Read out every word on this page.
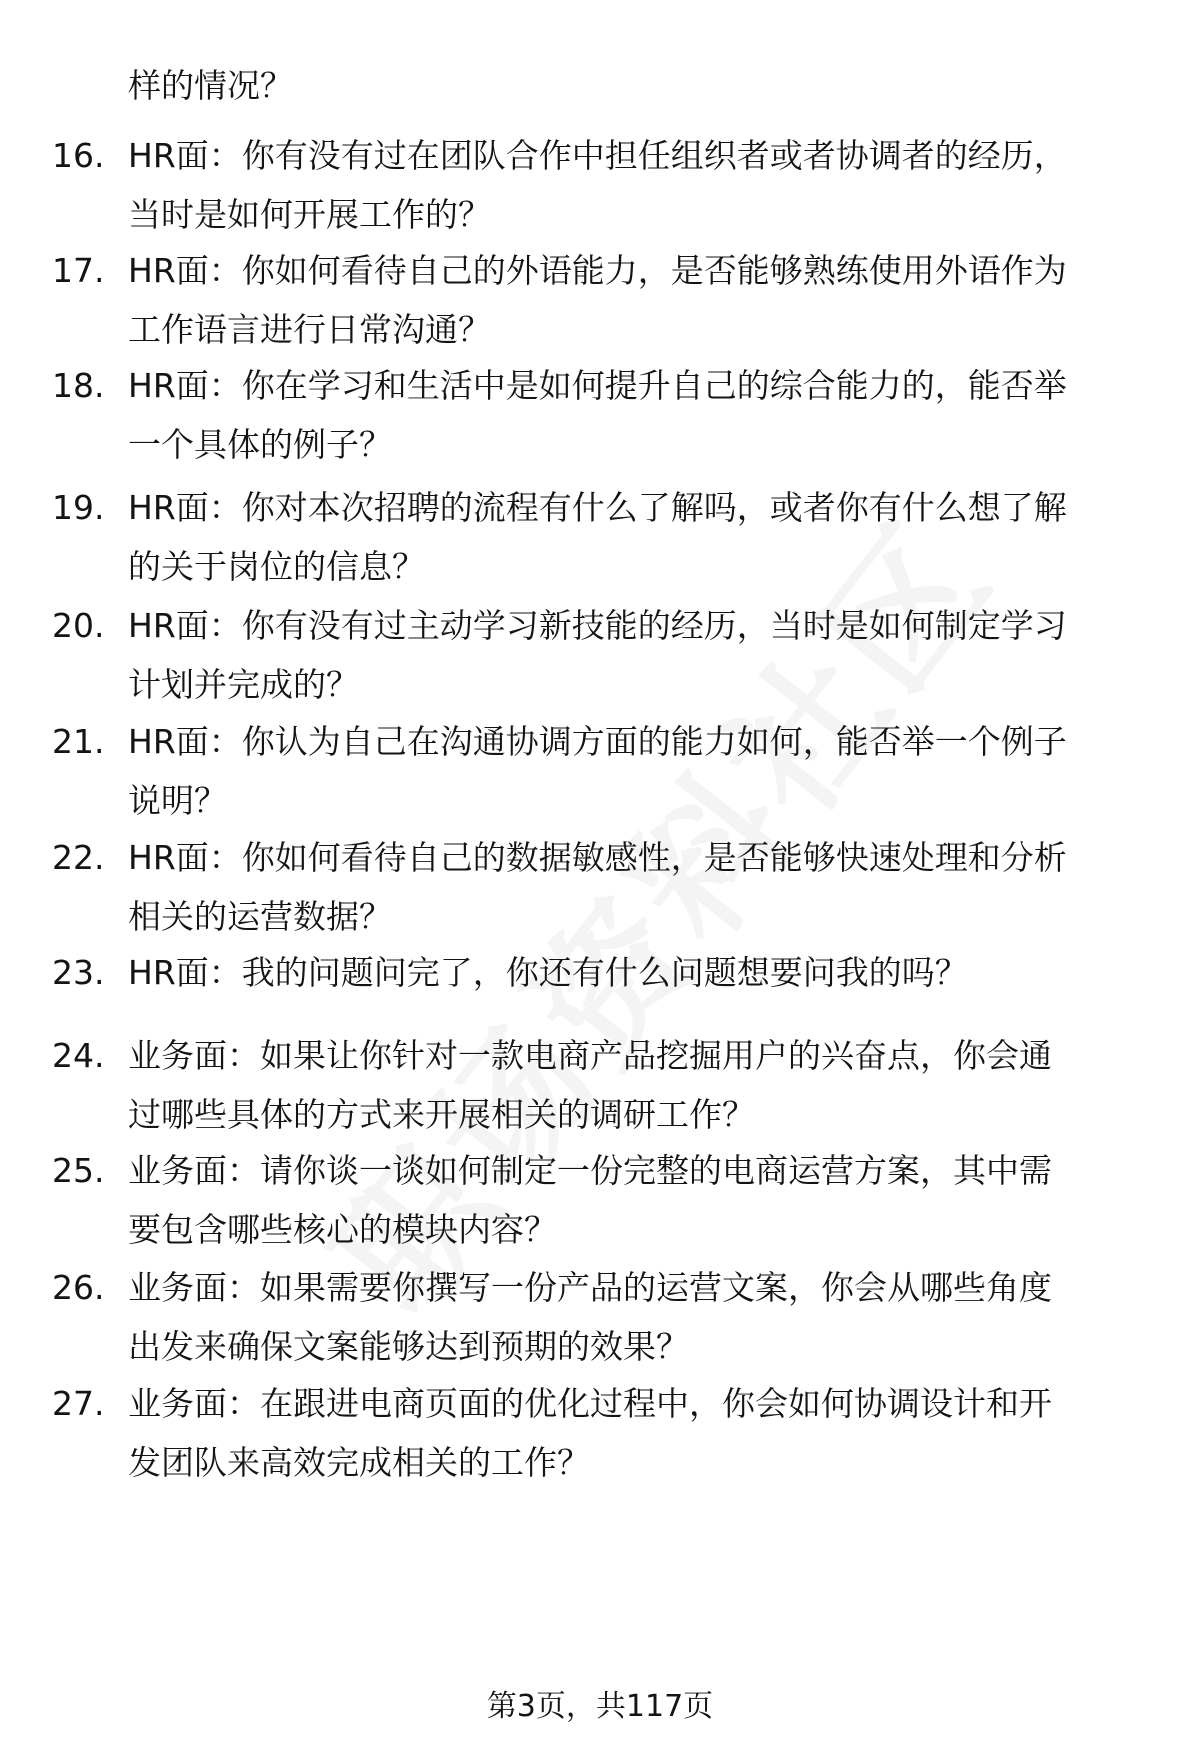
样的情况？
16. HR面：你有没有过在团队合作中担任组织者或者协调者的经历，
当时是如何开展工作的？
17. HR面：你如何看待自己的外语能力，是否能够熟练使用外语作为
工作语言进行日常沟通？
18. HR面：你在学习和生活中是如何提升自己的综合能力的，能否举
一个具体的例子？
19. HR面：你对本次招聘的流程有什么了解吗，或者你有什么想了解
的关于岗位的信息？
20. HR面：你有没有过主动学习新技能的经历，当时是如何制定学习
计划并完成的？
21. HR面：你认为自己在沟通协调方面的能力如何，能否举一个例子
说明？
22. HR面：你如何看待自己的数据敏感性，是否能够快速处理和分析
相关的运营数据？
23. HR面：我的问题问完了，你还有什么问题想要问我的吗？
24. 业务面：如果让你针对一款电商产品挖掘用户的兴奋点，你会通
过哪些具体的方式来开展相关的调研工作？
25. 业务面：请你谈一谈如何制定一份完整的电商运营方案，其中需
要包含哪些核心的模块内容？
26. 业务面：如果需要你撰写一份产品的运营文案，你会从哪些角度
出发来确保文案能够达到预期的效果？
27. 业务面：在跟进电商页面的优化过程中，你会如何协调设计和开
发团队来高效完成相关的工作？
第3页，共117页
